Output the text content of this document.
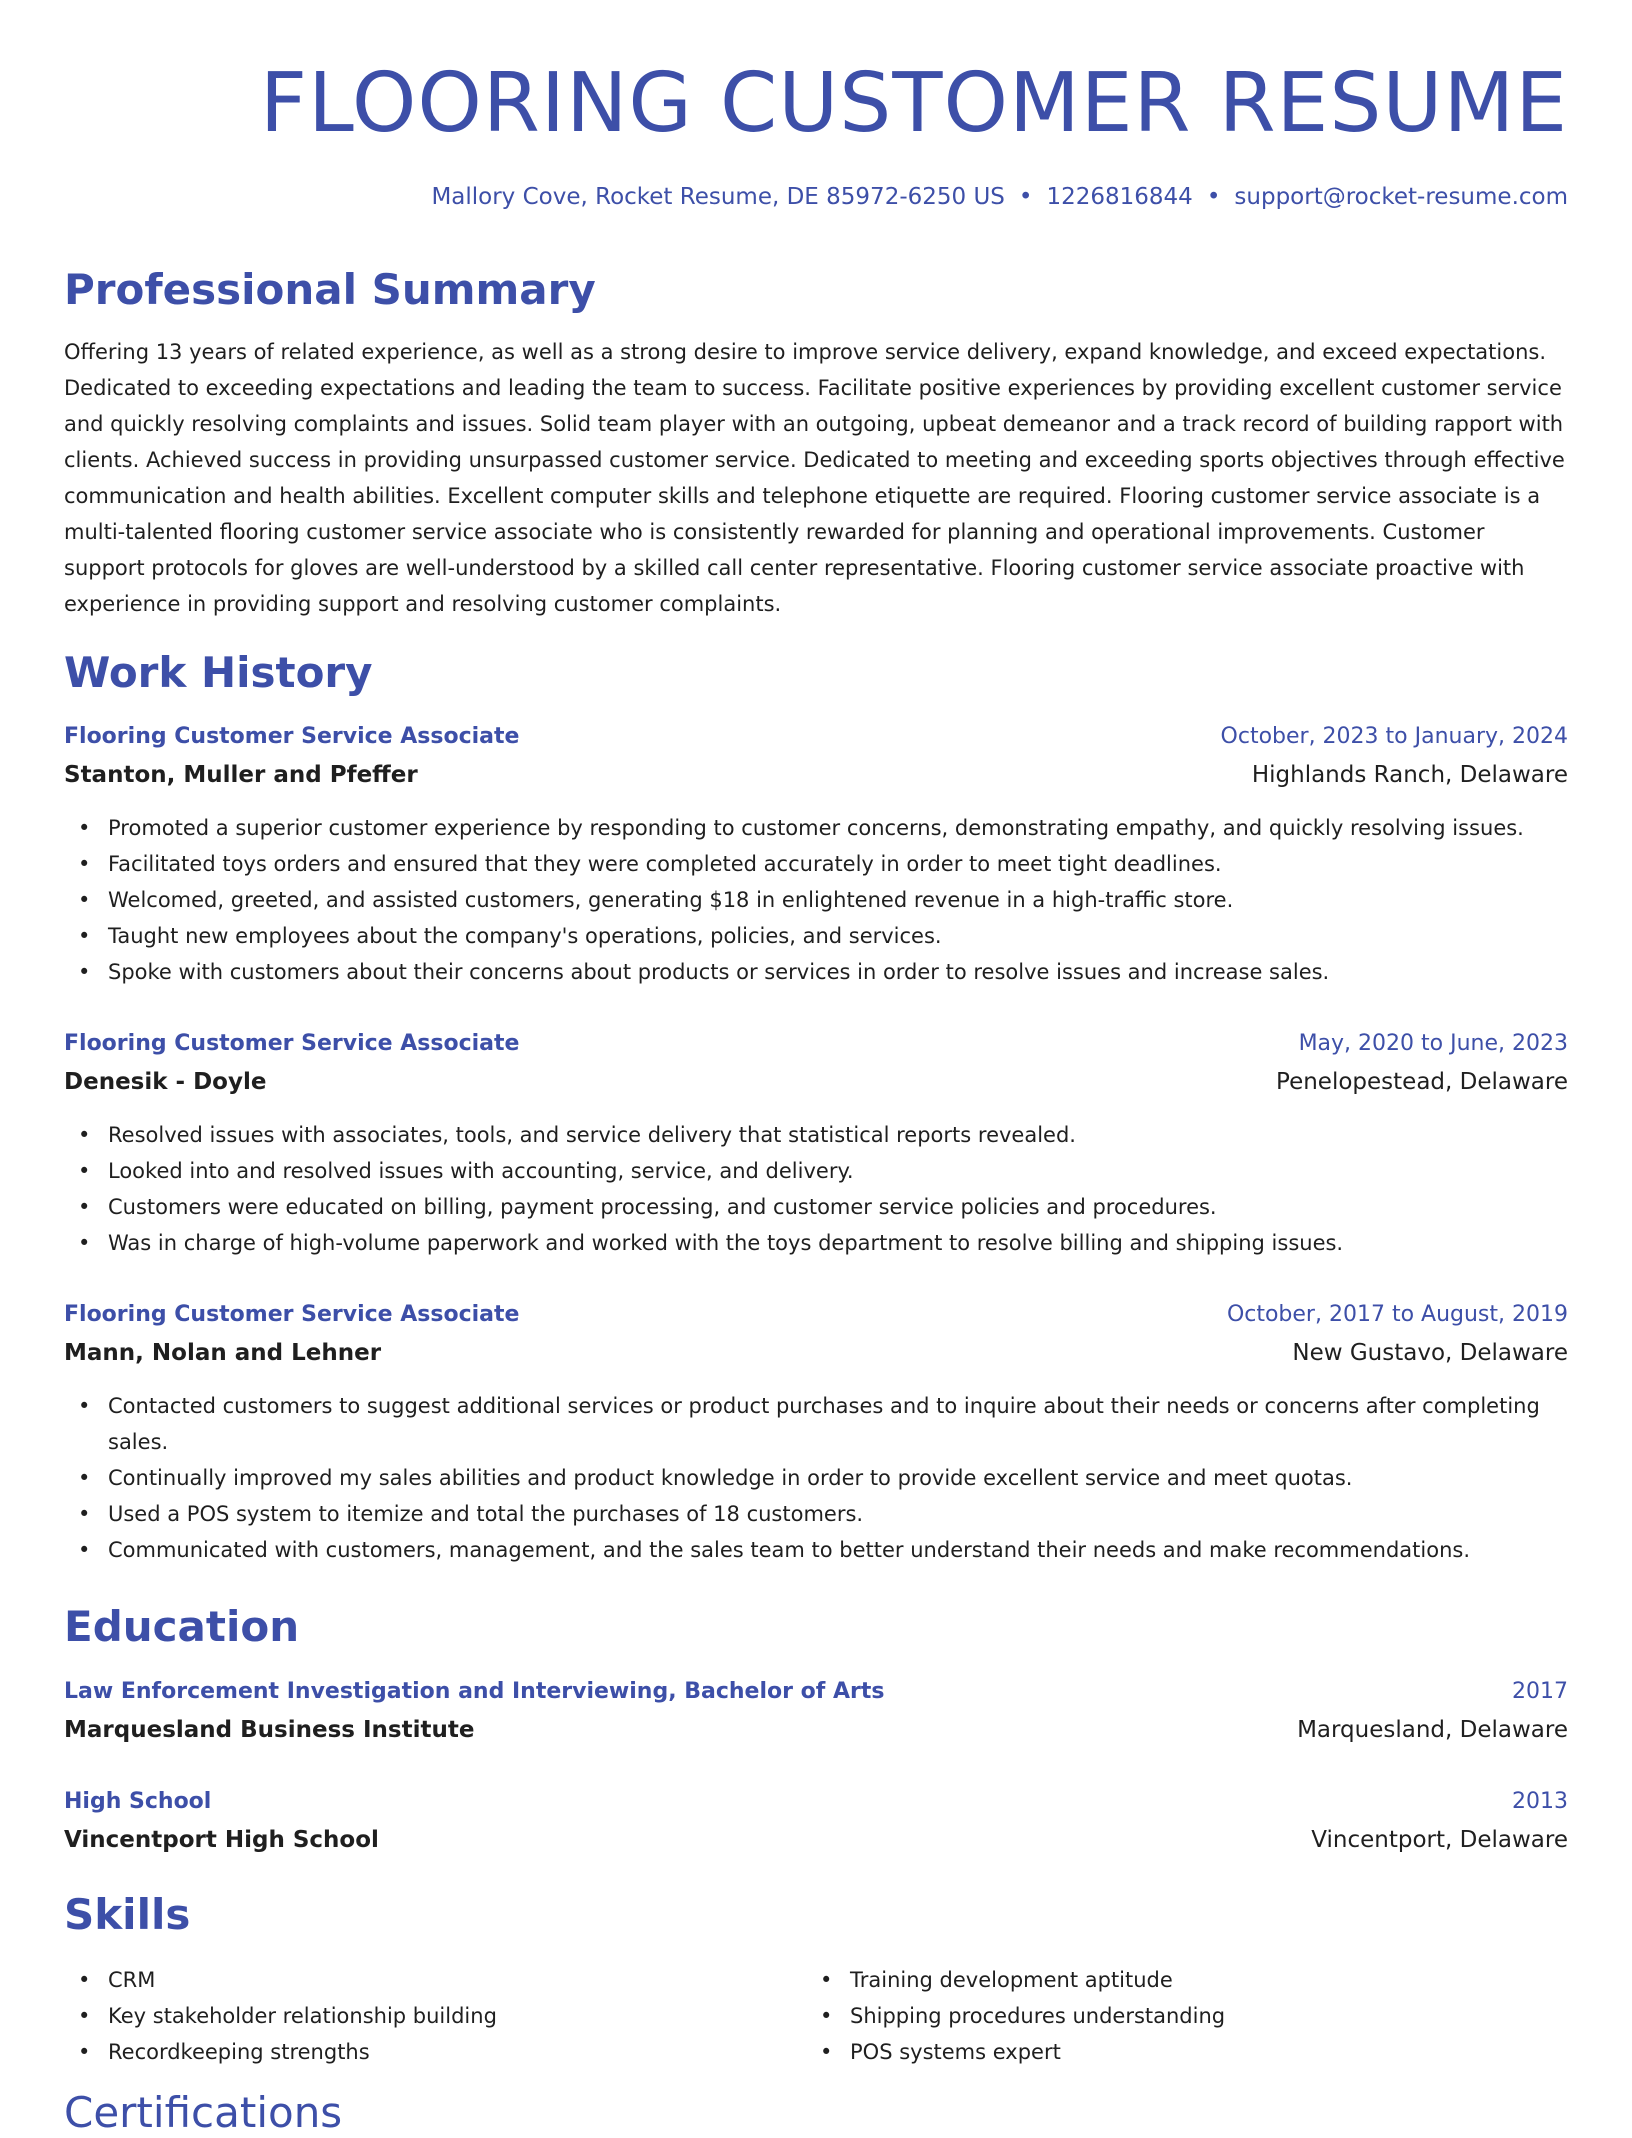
FLOORING CUSTOMER RESUME
Mallory Cove, Rocket Resume, DE 85972-6250 US • 1226816844 • support@rocket-resume.com
Professional Summary

Offering 13 years of related experience, as well as a strong desire to improve service delivery, expand knowledge, and exceed expectations. Dedicated to exceeding expectations and leading the team to success. Facilitate positive experiences by providing excellent customer service and quickly resolving complaints and issues. Solid team player with an outgoing, upbeat demeanor and a track record of building rapport with clients. Achieved success in providing unsurpassed customer service. Dedicated to meeting and exceeding sports objectives through effective communication and health abilities. Excellent computer skills and telephone etiquette are required. Flooring customer service associate is a multi-talented flooring customer service associate who is consistently rewarded for planning and operational improvements. Customer support protocols for gloves are well-understood by a skilled call center representative. Flooring customer service associate proactive with experience in providing support and resolving customer complaints.

Work History
Flooring Customer Service Associate	October, 2023 to January, 2024
Stanton, Muller and Pfeffer	Highlands Ranch, Delaware
• Promoted a superior customer experience by responding to customer concerns, demonstrating empathy, and quickly resolving issues.
• Facilitated toys orders and ensured that they were completed accurately in order to meet tight deadlines.
• Welcomed, greeted, and assisted customers, generating $18 in enlightened revenue in a high-traffic store.
• Taught new employees about the company's operations, policies, and services.
• Spoke with customers about their concerns about products or services in order to resolve issues and increase sales.
Flooring Customer Service Associate	May, 2020 to June, 2023
Denesik - Doyle	Penelopestead, Delaware
• Resolved issues with associates, tools, and service delivery that statistical reports revealed.
• Looked into and resolved issues with accounting, service, and delivery.
• Customers were educated on billing, payment processing, and customer service policies and procedures.
• Was in charge of high-volume paperwork and worked with the toys department to resolve billing and shipping issues.
Flooring Customer Service Associate	October, 2017 to August, 2019
Mann, Nolan and Lehner	New Gustavo, Delaware
• Contacted customers to suggest additional services or product purchases and to inquire about their needs or concerns after completing sales.
• Continually improved my sales abilities and product knowledge in order to provide excellent service and meet quotas.
• Used a POS system to itemize and total the purchases of 18 customers.
• Communicated with customers, management, and the sales team to better understand their needs and make recommendations.
Education
Law Enforcement Investigation and Interviewing, Bachelor of Arts	2017
Marquesland Business Institute	Marquesland, Delaware
High School	2013
Vincentport High School	Vincentport, Delaware
Skills
• CRM
• Key stakeholder relationship building
• Recordkeeping strengths
• Training development aptitude
• Shipping procedures understanding
• POS systems expert
Certifications
